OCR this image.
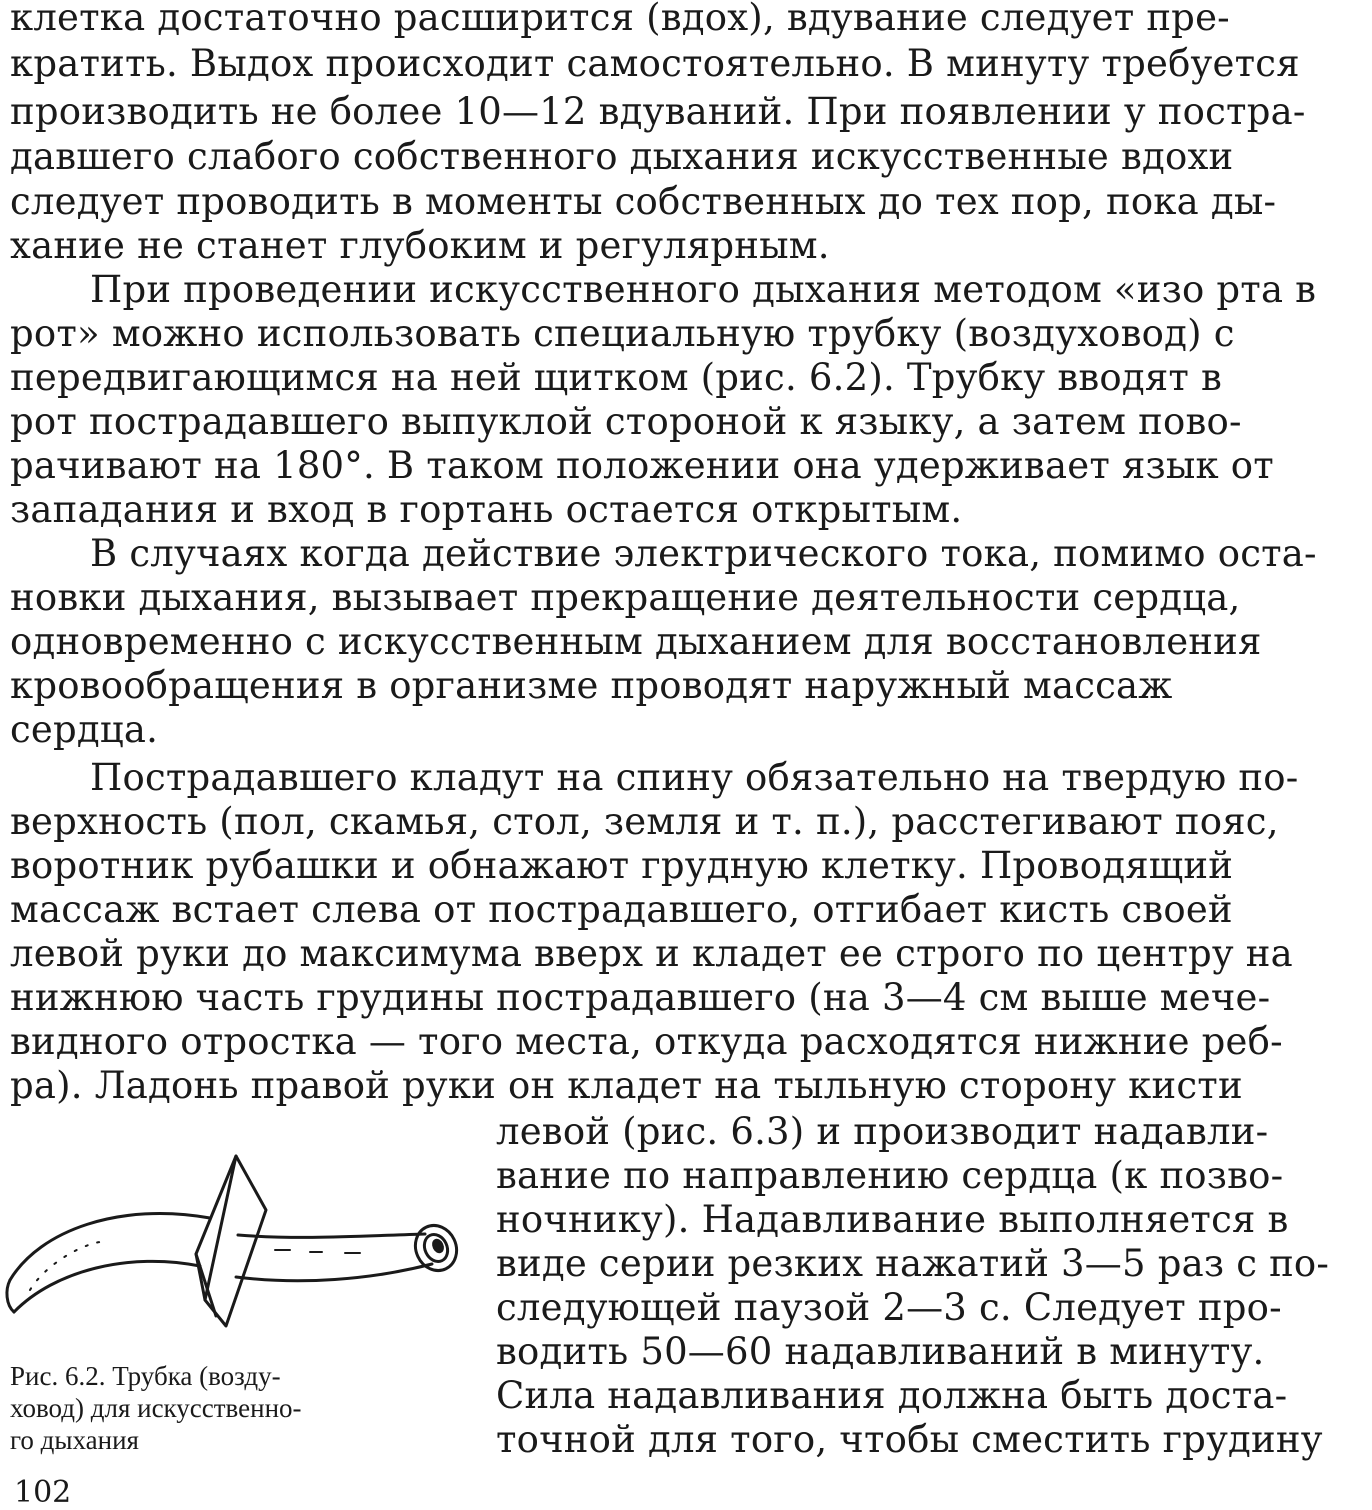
клетка достаточно расширится (вдох), вдувание следует пре-
кратить. Выдох происходит самостоятельно. В минуту требуется
производить не более 10—12 вдуваний. При появлении у постра-
давшего слабого собственного дыхания искусственные вдохи
следует проводить в моменты собственных до тех пор, пока ды-
хание не станет глубоким и регулярным.
При проведении искусственного дыхания методом «изо рта в
рот» можно использовать специальную трубку (воздуховод) с
передвигающимся на ней щитком (рис. 6.2). Трубку вводят в
рот пострадавшего выпуклой стороной к языку, а затем пово-
рачивают на 180°. В таком положении она удерживает язык от
западания и вход в гортань остается открытым.
В случаях когда действие электрического тока, помимо оста-
новки дыхания, вызывает прекращение деятельности сердца,
одновременно с искусственным дыханием для восстановления
кровообращения в организме проводят наружный массаж
сердца.
Пострадавшего кладут на спину обязательно на твердую по-
верхность (пол, скамья, стол, земля и т. п.), расстегивают пояс,
воротник рубашки и обнажают грудную клетку. Проводящий
массаж встает слева от пострадавшего, отгибает кисть своей
левой руки до максимума вверх и кладет ее строго по центру на
нижнюю часть грудины пострадавшего (на 3—4 см выше мече-
видного отростка — того места, откуда расходятся нижние реб-
ра). Ладонь правой руки он кладет на тыльную сторону кисти
левой (рис. 6.3) и производит надавли-
вание по направлению сердца (к позво-
ночнику). Надавливание выполняется в
виде серии резких нажатий 3—5 раз с по-
следующей паузой 2—3 с. Следует про-
водить 50—60 надавливаний в минуту.
Сила надавливания должна быть доста-
точной для того, чтобы сместить грудину
Рис. 6.2. Трубка (возду-
ховод) для искусственно-
го дыхания
102
